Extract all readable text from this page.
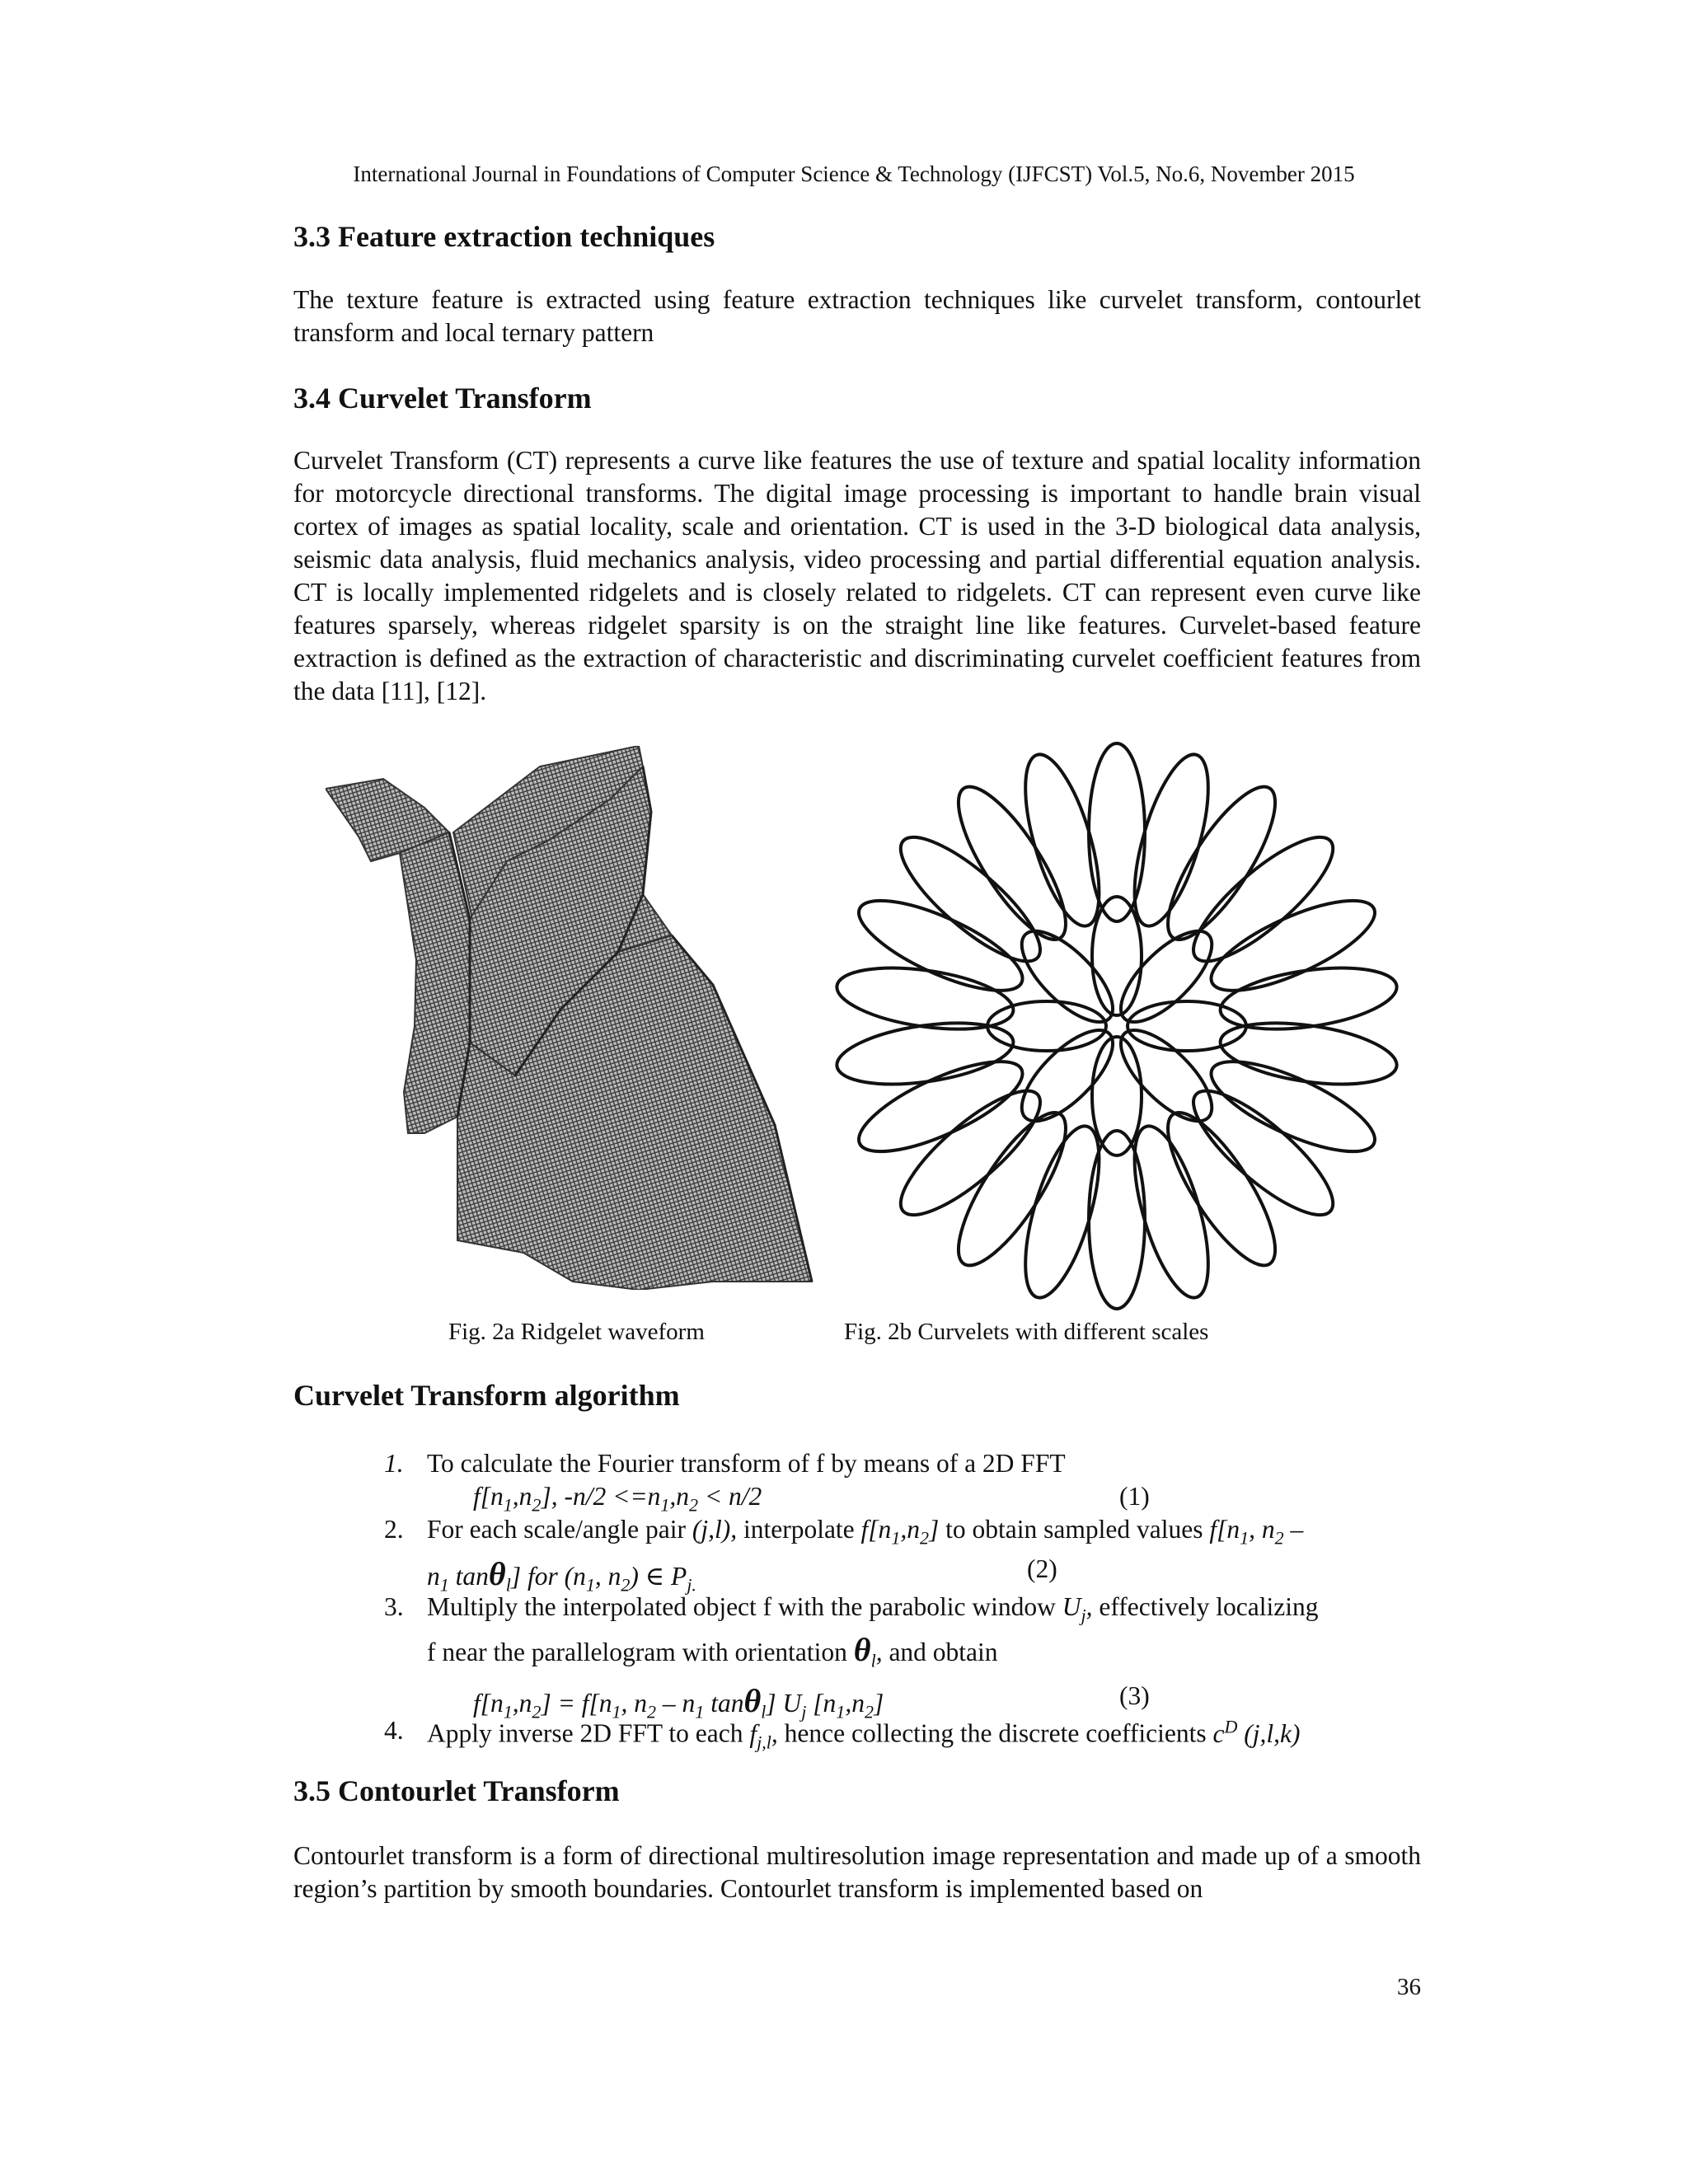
International Journal in Foundations of Computer Science & Technology (IJFCST) Vol.5, No.6, November 2015
3.3 Feature extraction techniques

The texture feature is extracted using feature extraction techniques like curvelet transform, contourlet transform and local ternary pattern

3.4 Curvelet Transform

Curvelet Transform (CT) represents a curve like features the use of texture and spatial locality information for motorcycle directional transforms. The digital image processing is important to handle brain visual cortex of images as spatial locality, scale and orientation. CT is used in the 3-D biological data analysis, seismic data analysis, fluid mechanics analysis, video processing and partial differential equation analysis. CT is locally implemented ridgelets and is closely related to ridgelets. CT can represent even curve like features sparsely, whereas ridgelet sparsity is on the straight line like features. Curvelet-based feature extraction is defined as the extraction of characteristic and discriminating curvelet coefficient features from the data [11], [12].

Fig. 2a Ridgelet waveform	Fig. 2b Curvelets with different scales
Curvelet Transform algorithm
1. To calculate the Fourier transform of f by means of a 2D FFT
$f[n_1,n_2]$, $-n/2 <=n_1,n_2 < n/2$	(1)
2. For each scale/angle pair (j,l), interpolate $f[n_1,n_2]$ to obtain sampled values $f[n_1$, $n_2$ –
$n_1$ tanθ$_l$] for ($n_1$, $n_2$) ∈ $P_{j.}$
(2)
3. Multiply the interpolated object f with the parabolic window $U_j$, effectively localizing
f near the parallelogram with orientation $\theta_l$, and obtain
$f[n_1,n_2] = f[n_1$, $n_2 - n_1$ tanθ$_l$] $U_j$ $[n_1,n_2]$	(3)
4. Apply inverse 2D FFT to each $f_{j,l}$, hence collecting the discrete coefficients $c^D$ (j,l,k)
3.5 Contourlet Transform

Contourlet transform is a form of directional multiresolution image representation and made up of a smooth region’s partition by smooth boundaries. Contourlet transform is implemented based on

36
